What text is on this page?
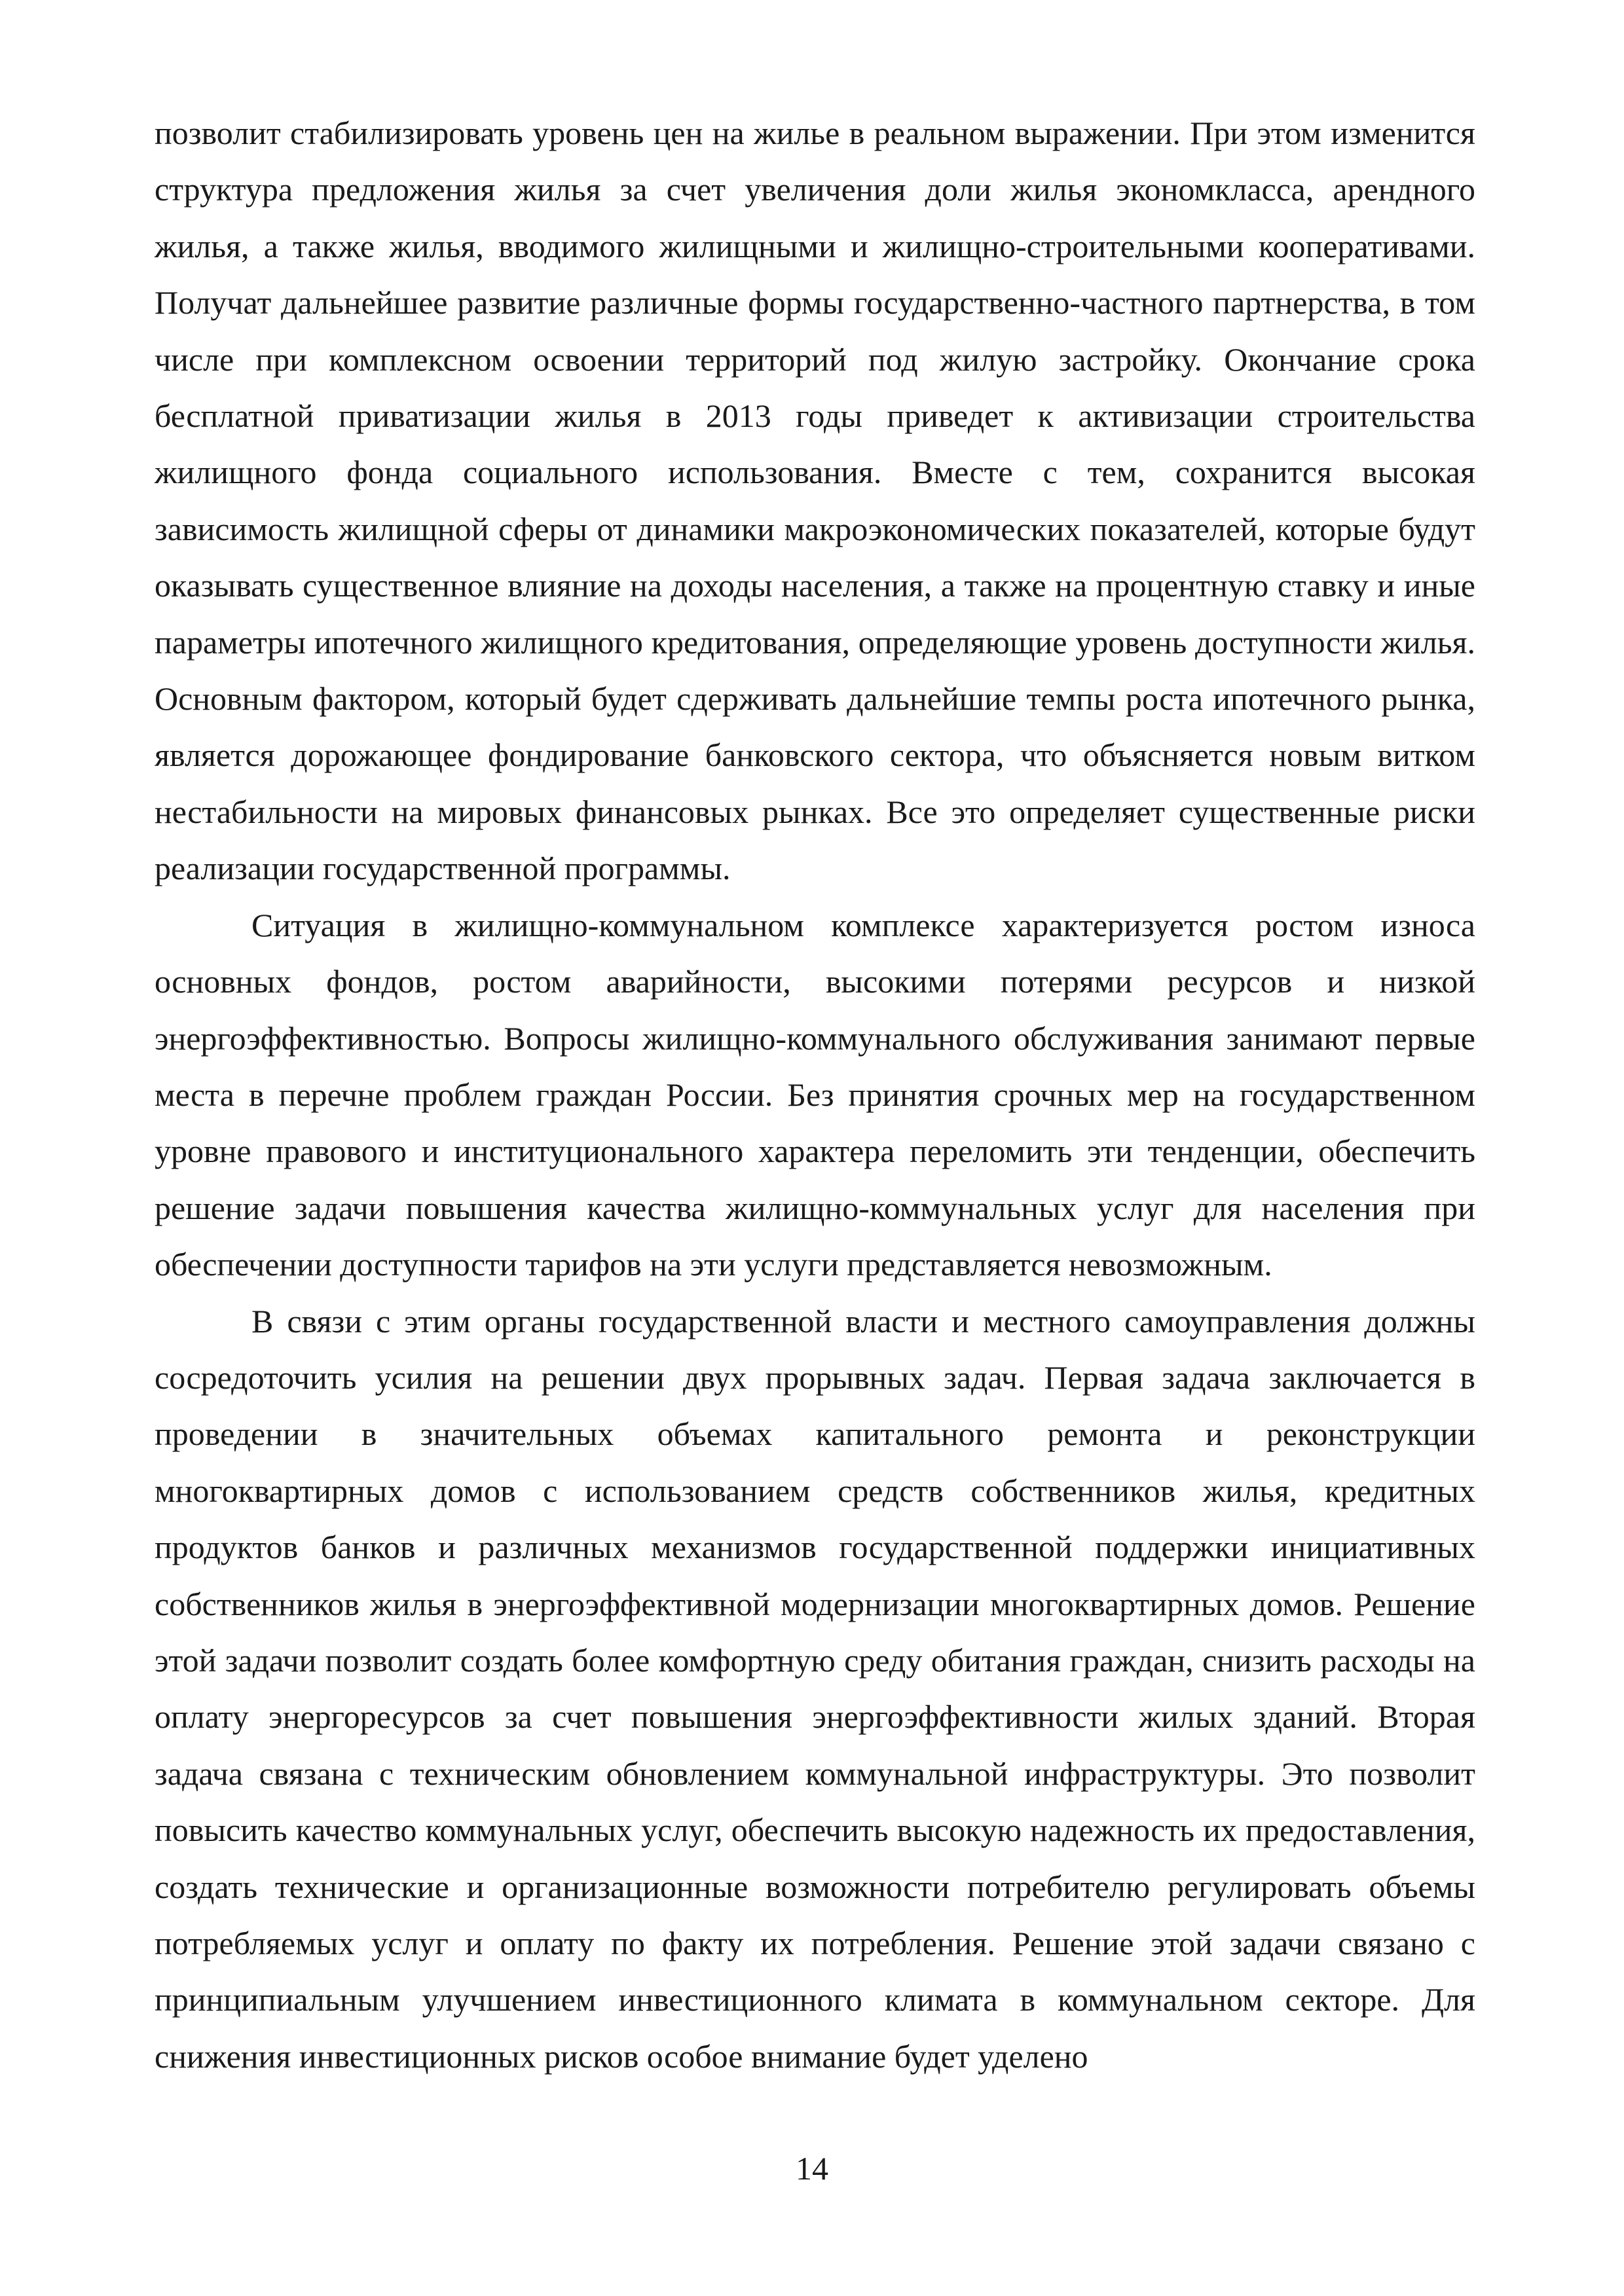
позволит стабилизировать уровень цен на жилье в реальном выражении. При этом изменится структура предложения жилья за счет увеличения доли жилья экономкласса, арендного жилья, а также жилья, вводимого жилищными и жилищно-строительными кооперативами. Получат дальнейшее развитие различные формы государственно-частного партнерства, в том числе при комплексном освоении территорий под жилую застройку. Окончание срока бесплатной приватизации жилья в 2013 годы приведет к активизации строительства жилищного фонда социального использования. Вместе с тем, сохранится высокая зависимость жилищной сферы от динамики макроэкономических показателей, которые будут оказывать существенное влияние на доходы населения, а также на процентную ставку и иные параметры ипотечного жилищного кредитования, определяющие уровень доступности жилья. Основным фактором, который будет сдерживать дальнейшие темпы роста ипотечного рынка, является дорожающее фондирование банковского сектора, что объясняется новым витком нестабильности на мировых финансовых рынках. Все это определяет существенные риски реализации государственной программы.

Ситуация в жилищно-коммунальном комплексе характеризуется ростом износа основных фондов, ростом аварийности, высокими потерями ресурсов и низкой энергоэффективностью. Вопросы жилищно-коммунального обслуживания занимают первые места в перечне проблем граждан России. Без принятия срочных мер на государственном уровне правового и институционального характера переломить эти тенденции, обеспечить решение задачи повышения качества жилищно-коммунальных услуг для населения при обеспечении доступности тарифов на эти услуги представляется невозможным.

В связи с этим органы государственной власти и местного самоуправления должны сосредоточить усилия на решении двух прорывных задач. Первая задача заключается в проведении в значительных объемах капитального ремонта и реконструкции многоквартирных домов с использованием средств собственников жилья, кредитных продуктов банков и различных механизмов государственной поддержки инициативных собственников жилья в энергоэффективной модернизации многоквартирных домов. Решение этой задачи позволит создать более комфортную среду обитания граждан, снизить расходы на оплату энергоресурсов за счет повышения энергоэффективности жилых зданий. Вторая задача связана с техническим обновлением коммунальной инфраструктуры. Это позволит повысить качество коммунальных услуг, обеспечить высокую надежность их предоставления, создать технические и организационные возможности потребителю регулировать объемы потребляемых услуг и оплату по факту их потребления. Решение этой задачи связано с принципиальным улучшением инвестиционного климата в коммунальном секторе. Для снижения инвестиционных рисков особое внимание будет уделено

14
